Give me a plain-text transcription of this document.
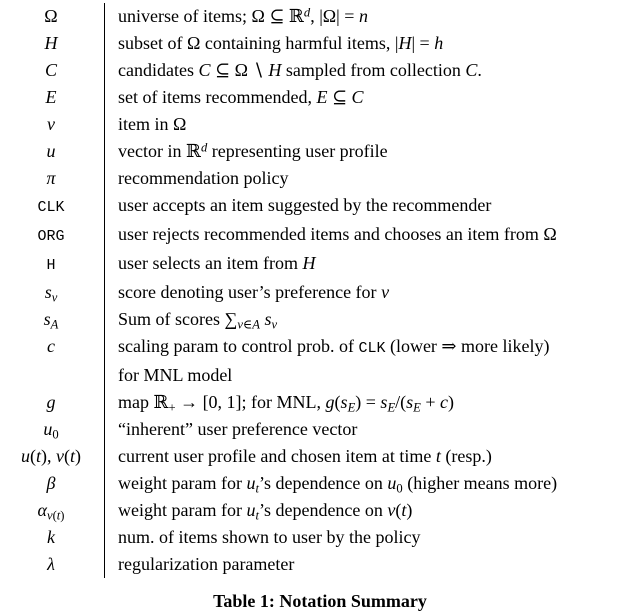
Ω	universe of items; Ω ⊆ ℝ$^d$, |Ω| = n
H	subset of Ω containing harmful items, |H| = h
C	candidates C ⊆ Ω ∖ H sampled from collection C.
E	set of items recommended, E ⊆ C
v	item in Ω
u	vector in ℝ$^d$ representing user profile
π	recommendation policy
CLK	user accepts an item suggested by the recommender
ORG	user rejects recommended items and chooses an item from Ω
H	user selects an item from H
$s_v$	score denoting user’s preference for v
$s_A$	Sum of scores $\sum_{v\in A}$ $s_v$
c	scaling param to control prob. of CLK (lower ⇒ more likely)
for MNL model
g	map ℝ$_+$ → [0, 1]; for MNL, $g(s_E) = s_E/(s_E + c)$
$u_0$	“inherent” user preference vector
u(t), v(t)	current user profile and chosen item at time t (resp.)
β	weight param for $u_t’s$ dependence on $u_0$ (higher means more)
$\alpha_{v(t)}$	weight param for $u_t’s$ dependence on v(t)
k	num. of items shown to user by the policy
λ	regularization parameter
Table 1: Notation Summary
